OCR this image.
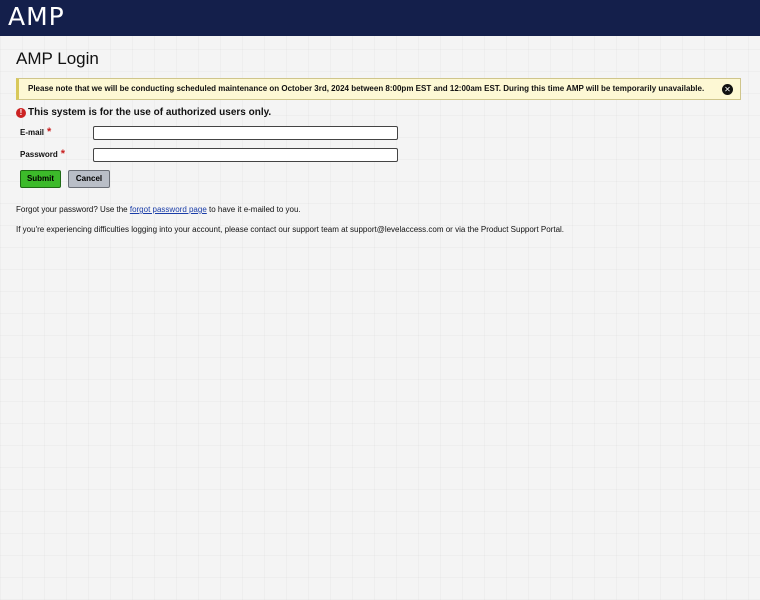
AMP
AMP Login
Please note that we will be conducting scheduled maintenance on October 3rd, 2024 between 8:00pm EST and 12:00am EST. During this time AMP will be temporarily unavailable. ✕
! This system is for the use of authorized users only.
E-mail *
Password *
Submit	Cancel
Forgot your password? Use the forgot password page to have it e-mailed to you.
If you're experiencing difficulties logging into your account, please contact our support team at support@levelaccess.com or via the Product Support Portal.
